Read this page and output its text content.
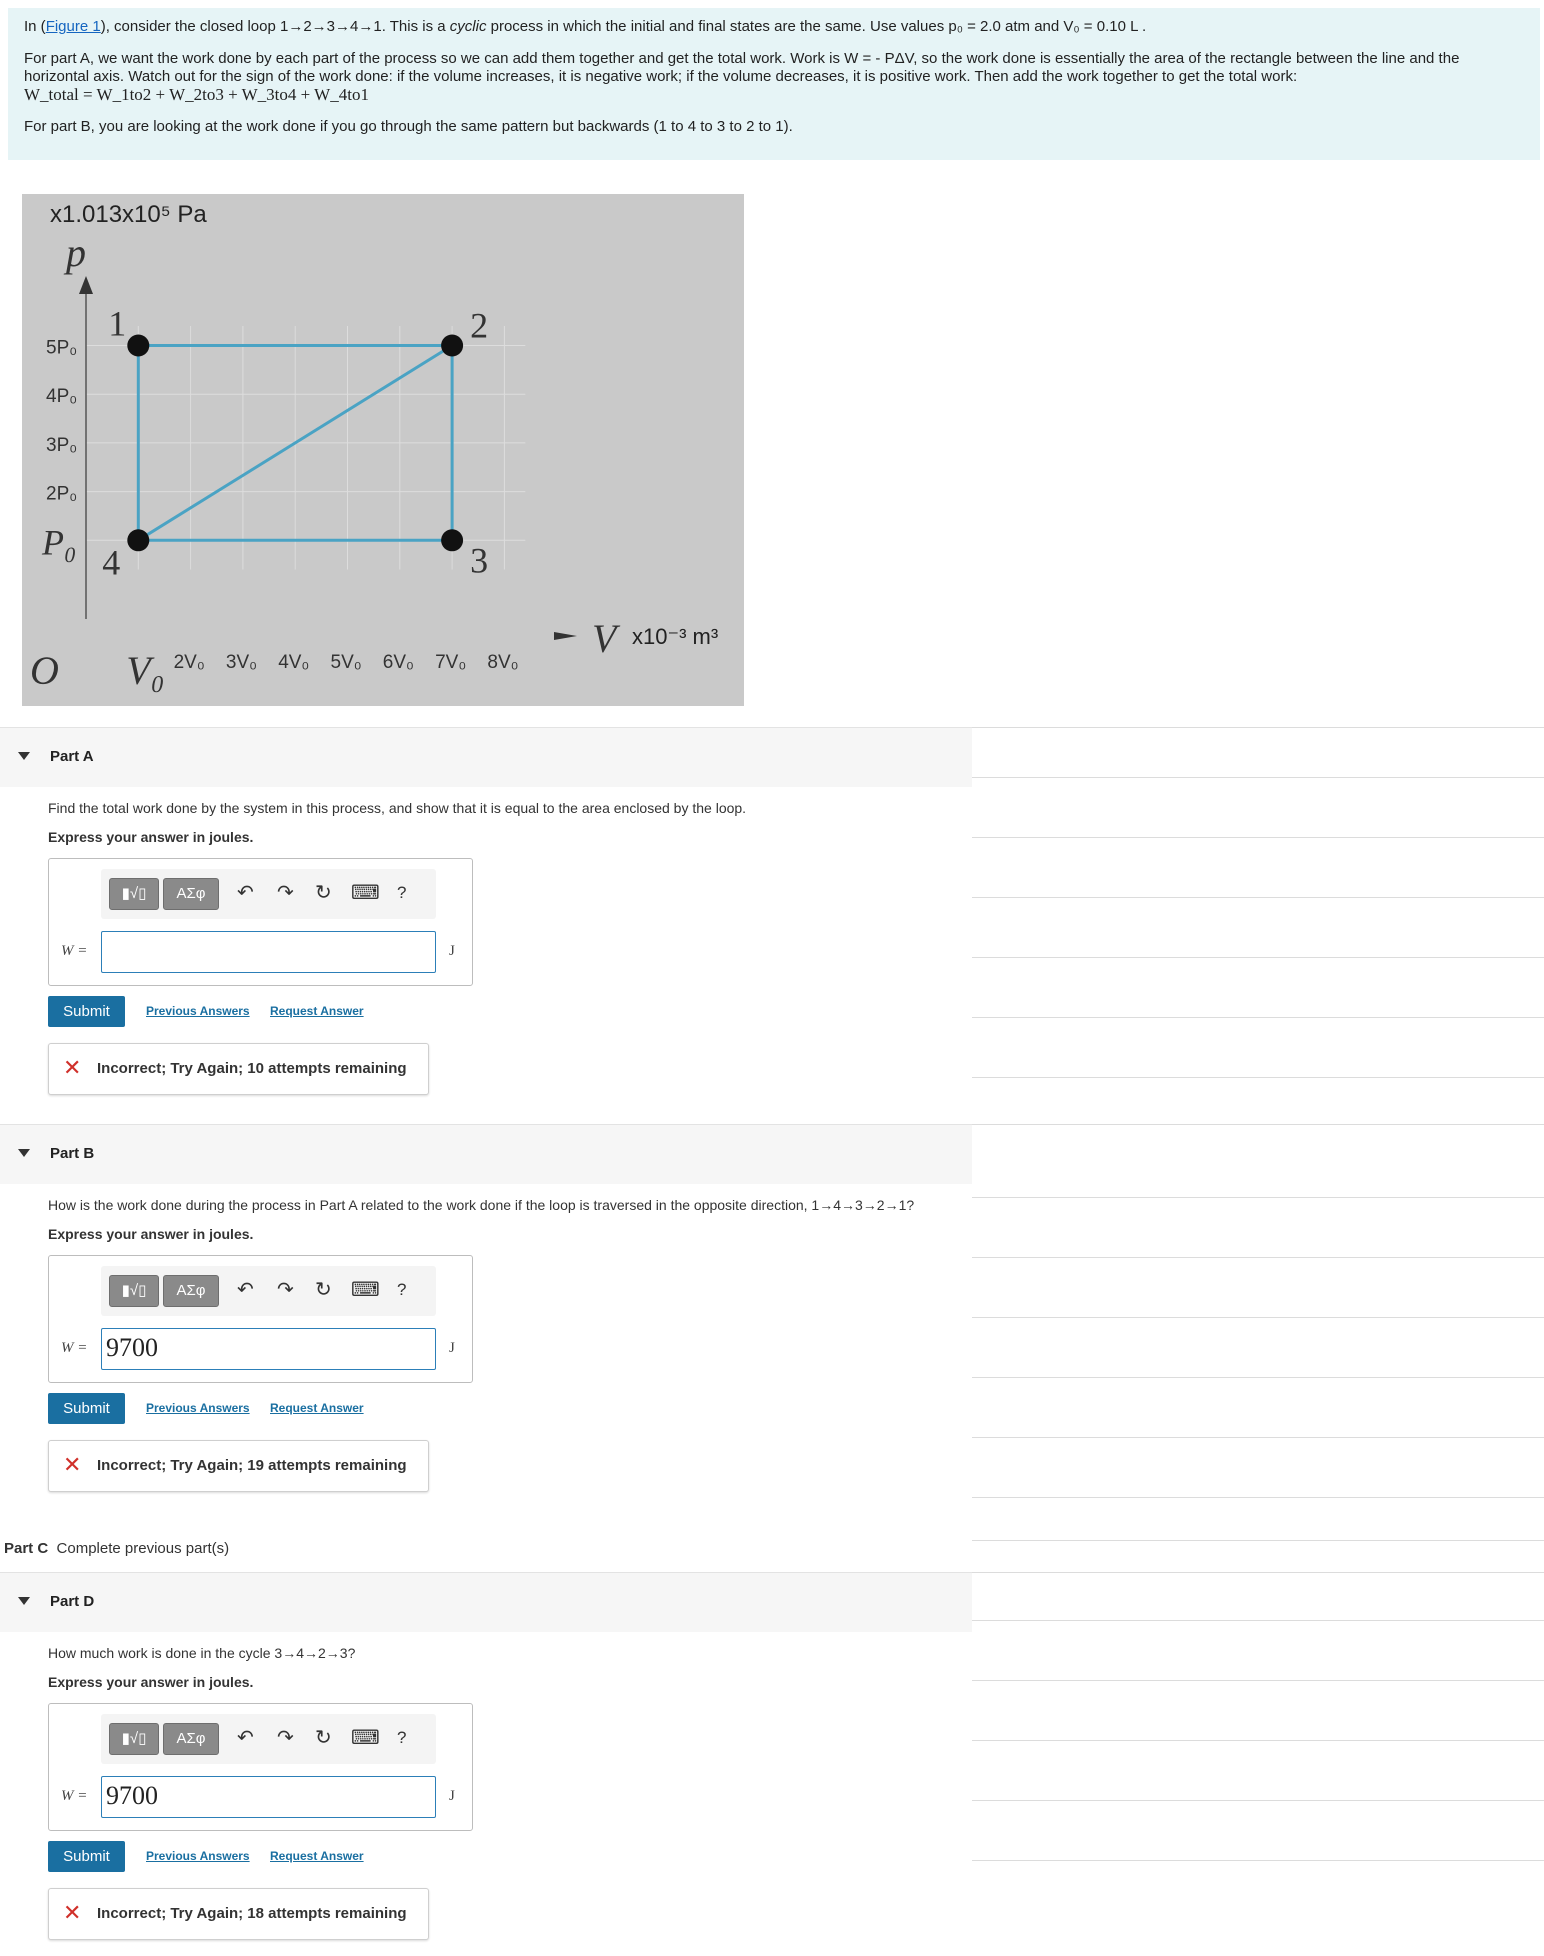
In (Figure 1), consider the closed loop 1→2→3→4→1. This is a cyclic process in which the initial and final states are the same. Use values p₀ = 2.0 atm and V₀ = 0.10 L .

For part A, we want the work done by each part of the process so we can add them together and get the total work. Work is W = - PΔV, so the work done is essentially the area of the rectangle between the line and the horizontal axis. Watch out for the sign of the work done: if the volume increases, it is negative work; if the volume decreases, it is positive work. Then add the work together to get the total work:

W_total = W_1to2 + W_2to3 + W_3to4 + W_4to1

For part B, you are looking at the work done if you go through the same pattern but backwards (1 to 4 to 3 to 2 to 1).

x1.013x10⁵ Pa
p
5P₀
4P₀
3P₀
2P₀
P₀
O V₀ 2V₀ 3V₀ 4V₀ 5V₀ 6V₀ 7V₀ 8V₀
V x10⁻³ m³
1	2
3
4
Part A
Find the total work done by the system in this process, and show that it is equal to the area enclosed by the loop.
Express your answer in joules.
▮√▯	ΑΣφ	↶ ↷ ↻ ⌨ ?
W =	J
Submit	Previous Answers Request Answer
✕ Incorrect; Try Again; 10 attempts remaining
Part B
How is the work done during the process in Part A related to the work done if the loop is traversed in the opposite direction, 1→4→3→2→1?
Express your answer in joules.
▮√▯	ΑΣφ	↶ ↷ ↻ ⌨ ?
W = 9700	J
Submit	Previous Answers Request Answer
✕ Incorrect; Try Again; 19 attempts remaining
Part C Complete previous part(s)
Part D
How much work is done in the cycle 3→4→2→3?
Express your answer in joules.
▮√▯	ΑΣφ	↶ ↷ ↻ ⌨ ?
W = 9700	J
Submit	Previous Answers Request Answer
✕ Incorrect; Try Again; 18 attempts remaining
